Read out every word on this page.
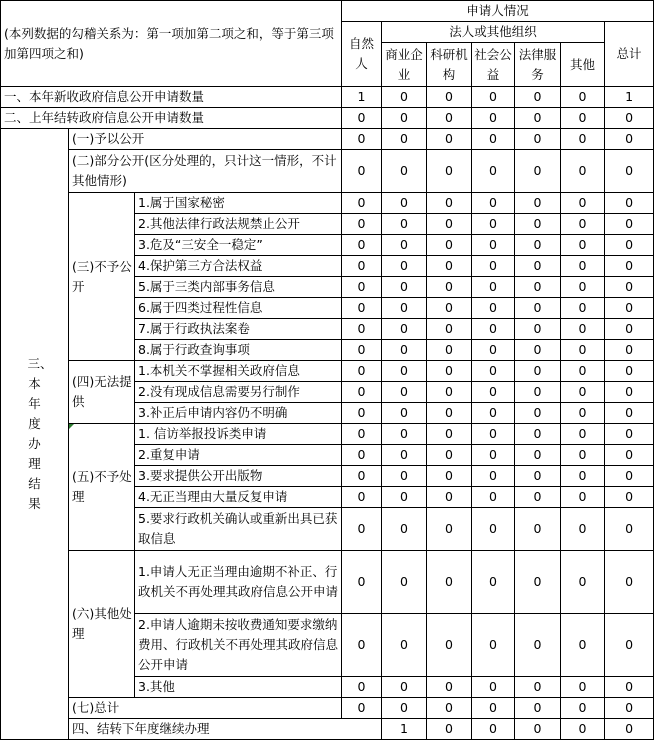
(本列数据的勾稽关系为：第一项加第二项之和，等于第三项加第四项之和)			申请人情况							
			自然人	法人或其他组织					总计	
				商业企业	科研机构	社会公益	法律服务	其他		
一、本年新收政府信息公开申请数量			1	0	0	0	0	0	1	
二、上年结转政府信息公开申请数量			0	0	0	0	0	0	0	

三、本年度办理结果	(一)予以公开		0	0	0	0	0	0	0	
	(二)部分公开(区分处理的，只计这一情形，不计其他情形)		0	0	0	0	0	0	0	
	(三)不予公开	1.属于国家秘密	0	0	0	0	0	0	0	
		2.其他法律行政法规禁止公开	0	0	0	0	0	0	0	
		3.危及“三安全一稳定”	0	0	0	0	0	0	0	
		4.保护第三方合法权益	0	0	0	0	0	0	0	
		5.属于三类内部事务信息	0	0	0	0	0	0	0	
		6.属于四类过程性信息	0	0	0	0	0	0	0	
		7.属于行政执法案卷	0	0	0	0	0	0	0	
		8.属于行政查询事项	0	0	0	0	0	0	0	
	(四)无法提供	1.本机关不掌握相关政府信息	0	0	0	0	0	0	0	
		2.没有现成信息需要另行制作	0	0	0	0	0	0	0	
		3.补正后申请内容仍不明确	0	0	0	0	0	0	0	
	(五)不予处理	1. 信访举报投诉类申请	0	0	0	0	0	0	0	
		2.重复申请	0	0	0	0	0	0	0	
		3.要求提供公开出版物	0	0	0	0	0	0	0	
		4.无正当理由大量反复申请	0	0	0	0	0	0	0	
		5.要求行政机关确认或重新出具已获取信息	0	0	0	0	0	0	0	
	(六)其他处理	1.申请人无正当理由逾期不补正、行政机关不再处理其政府信息公开申请	0	0	0	0	0	0	0	
		2.申请人逾期未按收费通知要求缴纳费用、行政机关不再处理其政府信息公开申请	0	0	0	0	0	0	0	
		3.其他	0	0	0	0	0	0	0	
	(七)总计		0	0	0	0	0	0	0	
	四、结转下年度继续办理			1	0	0	0	0	0	
